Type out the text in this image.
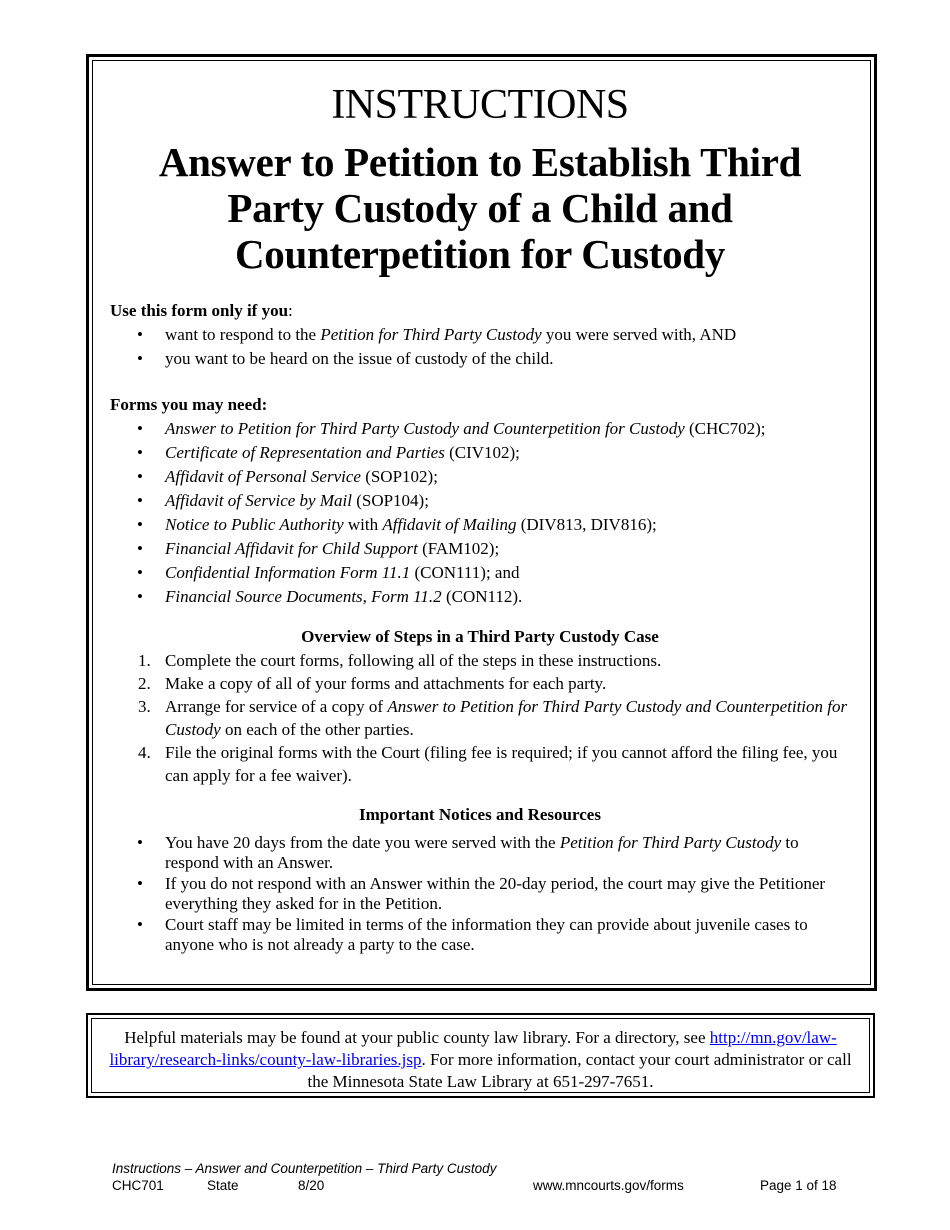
INSTRUCTIONS
Answer to Petition to Establish Third
Party Custody of a Child and
Counterpetition for Custody
Use this form only if you:
• want to respond to the Petition for Third Party Custody you were served with, AND
• you want to be heard on the issue of custody of the child.
Forms you may need:
• Answer to Petition for Third Party Custody and Counterpetition for Custody (CHC702);
• Certificate of Representation and Parties (CIV102);
• Affidavit of Personal Service (SOP102);
• Affidavit of Service by Mail (SOP104);
• Notice to Public Authority with Affidavit of Mailing (DIV813, DIV816);
• Financial Affidavit for Child Support (FAM102);
• Confidential Information Form 11.1 (CON111); and
• Financial Source Documents, Form 11.2 (CON112).
Overview of Steps in a Third Party Custody Case
1. Complete the court forms, following all of the steps in these instructions.
2. Make a copy of all of your forms and attachments for each party.
3. Arrange for service of a copy of Answer to Petition for Third Party Custody and Counterpetition for Custody on each of the other parties.
4. File the original forms with the Court (filing fee is required; if you cannot afford the filing fee, you can apply for a fee waiver).
Important Notices and Resources
• You have 20 days from the date you were served with the Petition for Third Party Custody to respond with an Answer.
• If you do not respond with an Answer within the 20-day period, the court may give the Petitioner everything they asked for in the Petition.
• Court staff may be limited in terms of the information they can provide about juvenile cases to anyone who is not already a party to the case.
Helpful materials may be found at your public county law library. For a directory, see http://mn.gov/law-library/research-links/county-law-libraries.jsp. For more information, contact your court administrator or call the Minnesota State Law Library at 651-297-7651.
Instructions – Answer and Counterpetition – Third Party Custody
CHC701	State	8/20	www.mncourts.gov/forms	Page 1 of 18
